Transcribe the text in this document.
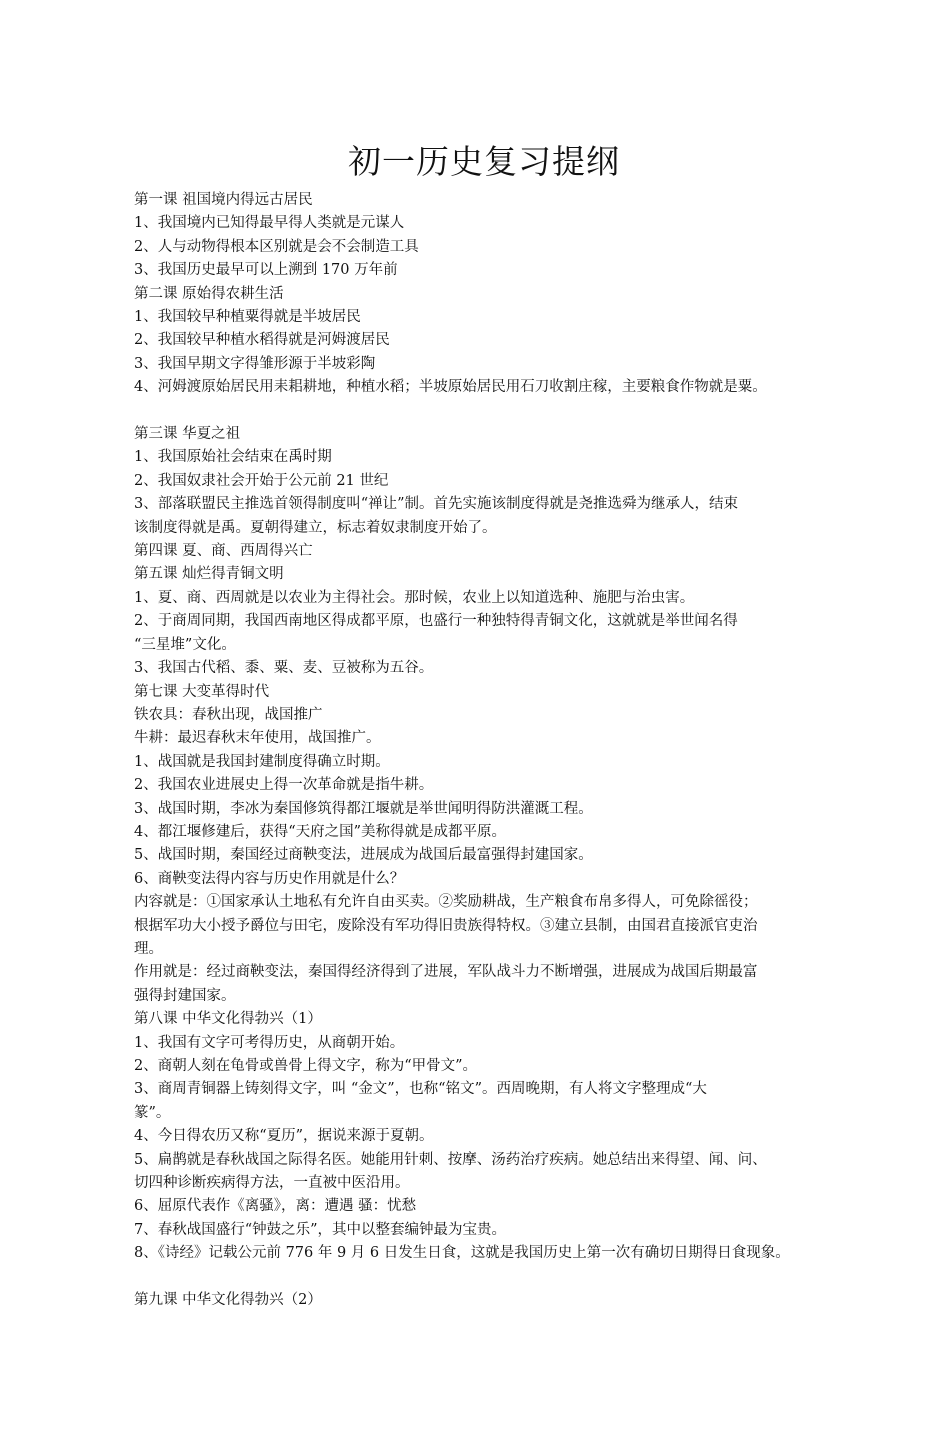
初一历史复习提纲

第一课 祖国境内得远古居民

1、我国境内已知得最早得人类就是元谋人

2、人与动物得根本区别就是会不会制造工具

3、我国历史最早可以上溯到 170 万年前

第二课 原始得农耕生活

1、我国较早种植粟得就是半坡居民

2、我国较早种植水稻得就是河姆渡居民

3、我国早期文字得雏形源于半坡彩陶

4、河姆渡原始居民用耒耜耕地，种植水稻；半坡原始居民用石刀收割庄稼，主要粮食作物就是粟。

第三课 华夏之祖

1、我国原始社会结束在禹时期

2、我国奴隶社会开始于公元前 21 世纪

3、部落联盟民主推选首领得制度叫“禅让”制。首先实施该制度得就是尧推选舜为继承人，结束

该制度得就是禹。夏朝得建立，标志着奴隶制度开始了。

第四课 夏、商、西周得兴亡

第五课 灿烂得青铜文明

1、夏、商、西周就是以农业为主得社会。那时候，农业上以知道选种、施肥与治虫害。

2、于商周同期，我国西南地区得成都平原，也盛行一种独特得青铜文化，这就就是举世闻名得

“三星堆”文化。

3、我国古代稻、黍、粟、麦、豆被称为五谷。

第七课 大变革得时代

铁农具：春秋出现，战国推广

牛耕：最迟春秋末年使用，战国推广。

1、战国就是我国封建制度得确立时期。

2、我国农业进展史上得一次革命就是指牛耕。

3、战国时期，李冰为秦国修筑得都江堰就是举世闻明得防洪灌溉工程。

4、都江堰修建后，获得“天府之国”美称得就是成都平原。

5、战国时期，秦国经过商鞅变法，进展成为战国后最富强得封建国家。

6、商鞅变法得内容与历史作用就是什么？

内容就是：①国家承认土地私有允许自由买卖。②奖励耕战，生产粮食布帛多得人，可免除徭役；

根据军功大小授予爵位与田宅，废除没有军功得旧贵族得特权。③建立县制，由国君直接派官吏治

理。

作用就是：经过商鞅变法，秦国得经济得到了进展，军队战斗力不断增强，进展成为战国后期最富

强得封建国家。

第八课 中华文化得勃兴（1）

1、我国有文字可考得历史，从商朝开始。

2、商朝人刻在龟骨或兽骨上得文字，称为“甲骨文”。

3、商周青铜器上铸刻得文字，叫 “金文”，也称“铭文”。西周晚期，有人将文字整理成“大

篆”。

4、今日得农历又称“夏历”，据说来源于夏朝。

5、扁鹊就是春秋战国之际得名医。她能用针刺、按摩、汤药治疗疾病。她总结出来得望、闻、问、

切四种诊断疾病得方法，一直被中医沿用。

6、屈原代表作《离骚》，离：遭遇 骚：忧愁

7、春秋战国盛行“钟鼓之乐”，其中以整套编钟最为宝贵。

8、《诗经》记载公元前 776 年 9 月 6 日发生日食，这就是我国历史上第一次有确切日期得日食现象。

第九课 中华文化得勃兴（2）
